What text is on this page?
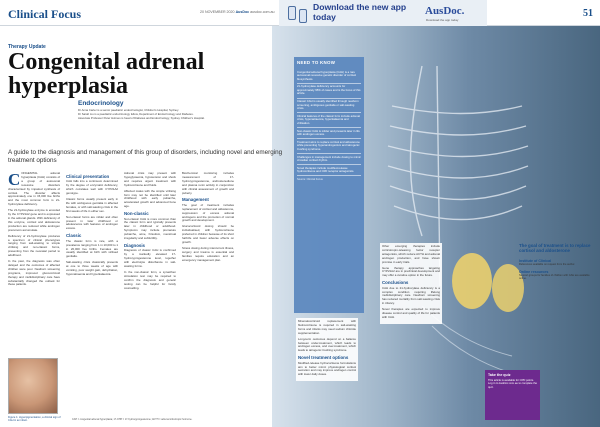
Clinical Focus	20 NOVEMBER 2020 AusDoc ausdoc.com.au	Download the new app today	AusDoc.
Download the app today
51
NEED TO KNOW
Congenital adrenal hyperplasia (CAH) is a rare autosomal recessive genetic disorder of cortisol biosynthesis.
21-hydroxylase deficiency accounts for approximately 95% of cases and is the focus of this article.
Classic CAH is usually identified through newborn screening, ambiguous genitalia or salt-wasting crisis.
Clinical features of the classic form include adrenal crisis, hyponatraemia, hyperkalaemia and virilisation.
Non-classic CAH is milder and presents later in life with androgen excess.
Treatment aims to replace cortisol and aldosterone while preventing hyperandrogenism and iatrogenic Cushing syndrome.
Challenges in management include dosing to mimic circadian cortisol rhythm.
Novel therapies include modified-release hydrocortisone and CRF receptor antagonists.
Source: Clinical Focus
Therapy Update
Congenital adrenal hyperplasia
Endocrinology
Dr Anna Carter is a senior paediatric endocrinologist, Children's Hospital, Sydney.
Dr Sarah Liu is a paediatric endocrinology fellow, Department of Endocrinology and Diabetes.
Associate Professor Peter Holmes is head of Diabetes and Endocrinology, Sydney Children's Hospital.
A guide to the diagnosis and management of this group of disorders, including novel and emerging treatment options

CONGENITAL adrenal hyperplasia (CAH) consists of a group of autosomal recessive disorders characterised by impaired synthesis of cortisol. The disorder affects approximately one in 15,000 live births and the most common form is 21-hydroxylase deficiency.

The 21-hydroxylase enzyme is encoded by the CYP21A2 gene and is expressed in the adrenal glands. With deficiency of this enzyme, cortisol and aldosterone production are reduced while androgen precursors accumulate.

Deficiency of 21-hydroxylase produces a spectrum of clinical phenotypes ranging from salt-wasting to simple virilising and non-classic forms, presenting from the neonatal period to adulthood.

In the past, the diagnosis was often delayed and the outcomes of affected children were poor. Newborn screening programs, improved glucocorticoid therapy and multidisciplinary care have substantially changed the outlook for these patients.

Figure 1: Hyperpigmentation, a clinical sign of CAH in an infant.
Clinical presentation

CAH falls into a continuum determined by the degree of enzymatic deficiency, which correlates well with CYP21A2 genotype.

Classic forms usually present early in life with ambiguous genitalia in affected females, or with salt-wasting crisis in the first weeks of life in either sex.

Non-classic forms are milder and often present in later childhood or adolescence with features of androgen excess.

Classic

The classic form is rare, with a prevalence ranging from 1 in 10,000 to 1 in 20,000 live births. Females are usually identified at birth with virilised genitalia.

Salt-wasting crisis classically presents at one to three weeks of age with vomiting, poor weight gain, dehydration, hyponatraemia and hyperkalaemia.

Adrenal crisis may present with hypoglycaemia, hypotension and shock and requires urgent treatment with hydrocortisone and fluids.

Affected males with the simple virilising form may not be identified until later childhood with early pubarche, accelerated growth and advanced bone age.

Non-classic

Non-classic CAH is more common than the classic form and typically presents later in childhood or adulthood. Symptoms may include premature pubarche, acne, hirsutism, menstrual irregularity and subfertility.

Diagnosis

Diagnosis of classic CAH is confirmed by a markedly elevated 17-hydroxyprogesterone level, together with electrolyte disturbance in salt-wasting forms.

In the non-classic form, a synacthen stimulation test may be required to confirm the diagnosis and genetic testing can be helpful for family counselling.

Biochemical monitoring includes measurement of 17-hydroxyprogesterone, androstenedione and plasma renin activity in conjunction with clinical assessment of growth and puberty.

Management

The goal of treatment includes replacement of cortisol and aldosterone, suppression of excess adrenal androgens and the promotion of normal growth and development.

Glucocorticoid dosing should be individualised, with hydrocortisone preferred in children because of its short half-life and fewer adverse effects on growth.

Stress dosing during intercurrent illness, surgery and trauma is essential and families require education and an emergency management plan.

CAH = congenital adrenal hyperplasia; 17-OHP = 17-hydroxyprogesterone; ACTH = adrenocorticotropic hormone.

Mineralocorticoid replacement with fludrocortisone is required in salt-wasting forms and infants may need sodium chloride supplementation.

Long-term outcomes depend on a balance between under-treatment, which leads to androgen excess, and over-treatment, which leads to iatrogenic Cushing syndrome.

Novel treatment options

Modified-release hydrocortisone formulations aim to better mimic physiological cortisol secretion and may improve androgen control with lower daily doses.

Other emerging therapies include corticotropin-releasing factor receptor antagonists, which reduce ACTH and adrenal androgen production, and have shown promise in early trials.

Gene therapy approaches targeting CYP21A2 are in preclinical development and may offer a curative option in the future.

Conclusions

CAH due to 21-hydroxylase deficiency is a complex condition requiring lifelong multidisciplinary care. Newborn screening has reduced mortality from salt-wasting crisis in infancy.

Novel therapies are expected to improve disease control and quality of life for patients with CAH.

The goal of treatment is to replace cortisol and aldosterone
Institute of Clinical
References available on request from the author.
Online resources
Support groups for families of children with CAH are available online.
Take the quiz
This article is available for CPD points. Log in to AusDoc.com.au to complete the quiz.
